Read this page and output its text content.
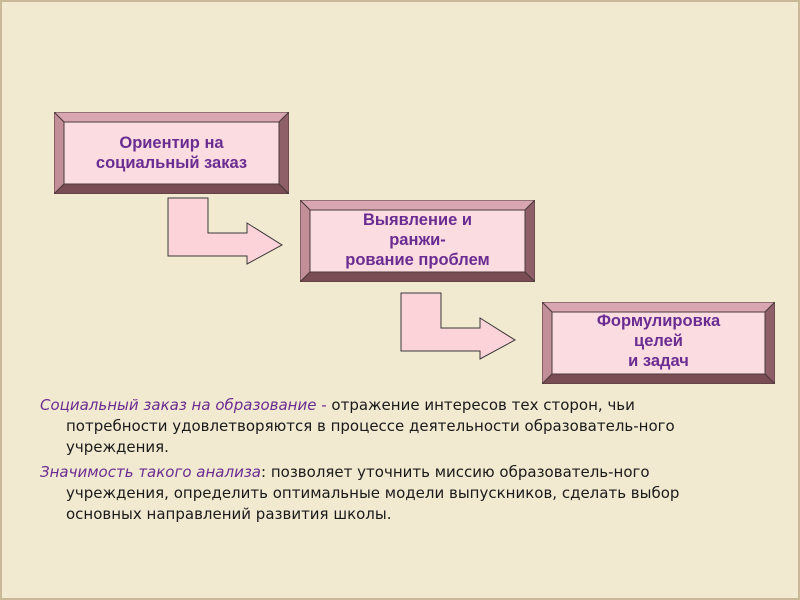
Ориентир на
социальный заказ
Выявление и
ранжи-
рование проблем
Формулировка
целей
и задач

Социальный заказ на образование - отражение интересов тех сторон, чьи потребности удовлетворяются в процессе деятельности образователь-ного учреждения.

Значимость такого анализа: позволяет уточнить миссию образователь-ного учреждения, определить оптимальные модели выпускников, сделать выбор основных направлений развития школы.
